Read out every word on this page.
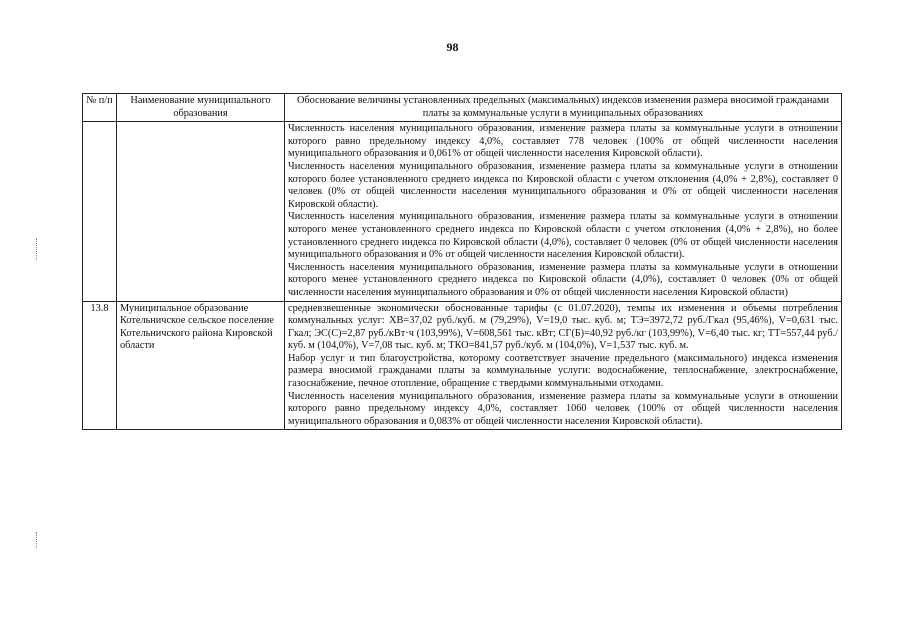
98
№ п/п	Наименование муниципального образования	Обоснование величины установленных предельных (максимальных) индексов изменения размера вносимой гражданами платы за коммунальные услуги в муниципальных образованиях

		Численность населения муниципального образования, изменение размера платы за коммунальные услуги в отношении которого равно предельному индексу 4,0%, составляет 778 человек (100% от общей численности населения муниципального образования и 0,061% от общей численности населения Кировской области).

Численность населения муниципального образования, изменение размера платы за коммунальные услуги в отношении которого более установленного среднего индекса по Кировской области с учетом отклонения (4,0% + 2,8%), составляет 0 человек (0% от общей численности населения муниципального образования и 0% от общей численности населения Кировской области).

Численность населения муниципального образования, изменение размера платы за коммунальные услуги в отношении которого менее установленного среднего индекса по Кировской области с учетом отклонения (4,0% + 2,8%), но более установленного среднего индекса по Кировской области (4,0%), составляет 0 человек (0% от общей численности населения муниципального образования и 0% от общей численности населения Кировской области).

Численность населения муниципального образования, изменение размера платы за коммунальные услуги в отношении которого менее установленного среднего индекса по Кировской области (4,0%), составляет 0 человек (0% от общей численности населения муниципального образования и 0% от общей численности населения Кировской области)

13.8	Муниципальное образование Котельничское сельское поселение Котельничского района Кировской области	средневзвешенные экономически обоснованные тарифы (с 01.07.2020), темпы их изменения и объемы потребления коммунальных услуг: ХВ=37,02 руб./куб. м (79,29%), V=19,0 тыс. куб. м; ТЭ=3972,72 руб./Гкал (95,46%), V=0,631 тыс. Гкал; ЭС(С)=2,87 руб./кВт·ч (103,99%), V=608,561 тыс. кВт; СГ(Б)=40,92 руб./кг (103,99%), V=6,40 тыс. кг; ТТ=557,44 руб./куб. м (104,0%), V=7,08 тыс. куб. м; ТКО=841,57 руб./куб. м (104,0%), V=1,537 тыс. куб. м.

Набор услуг и тип благоустройства, которому соответствует значение предельного (максимального) индекса изменения размера вносимой гражданами платы за коммунальные услуги: водоснабжение, теплоснабжение, электроснабжение, газоснабжение, печное отопление, обращение с твердыми коммунальными отходами.

Численность населения муниципального образования, изменение размера платы за коммунальные услуги в отношении которого равно предельному индексу 4,0%, составляет 1060 человек (100% от общей численности населения муниципального образования и 0,083% от общей численности населения Кировской области).
